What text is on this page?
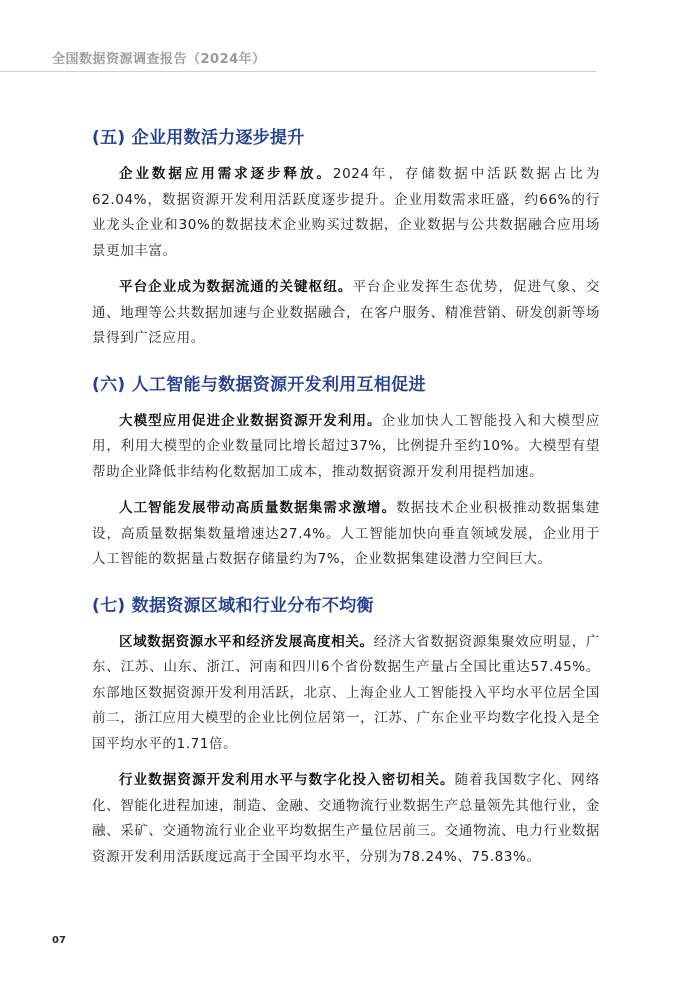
全国数据资源调查报告（2024年）
(五) 企业用数活力逐步提升

企业数据应用需求逐步释放。2024年，存储数据中活跃数据占比为62.04%，数据资源开发利用活跃度逐步提升。企业用数需求旺盛，约66%的行业龙头企业和30%的数据技术企业购买过数据，企业数据与公共数据融合应用场景更加丰富。

平台企业成为数据流通的关键枢纽。平台企业发挥生态优势，促进气象、交通、地理等公共数据加速与企业数据融合，在客户服务、精准营销、研发创新等场景得到广泛应用。

(六) 人工智能与数据资源开发利用互相促进

大模型应用促进企业数据资源开发利用。企业加快人工智能投入和大模型应用，利用大模型的企业数量同比增长超过37%，比例提升至约10%。大模型有望帮助企业降低非结构化数据加工成本，推动数据资源开发利用提档加速。

人工智能发展带动高质量数据集需求激增。数据技术企业积极推动数据集建设，高质量数据集数量增速达27.4%。人工智能加快向垂直领域发展，企业用于人工智能的数据量占数据存储量约为7%，企业数据集建设潜力空间巨大。

(七) 数据资源区域和行业分布不均衡

区域数据资源水平和经济发展高度相关。经济大省数据资源集聚效应明显，广东、江苏、山东、浙江、河南和四川6个省份数据生产量占全国比重达57.45%。东部地区数据资源开发利用活跃，北京、上海企业人工智能投入平均水平位居全国前二，浙江应用大模型的企业比例位居第一，江苏、广东企业平均数字化投入是全国平均水平的1.71倍。

行业数据资源开发利用水平与数字化投入密切相关。随着我国数字化、网络化、智能化进程加速，制造、金融、交通物流行业数据生产总量领先其他行业，金融、采矿、交通物流行业企业平均数据生产量位居前三。交通物流、电力行业数据资源开发利用活跃度远高于全国平均水平，分别为78.24%、75.83%。

07
